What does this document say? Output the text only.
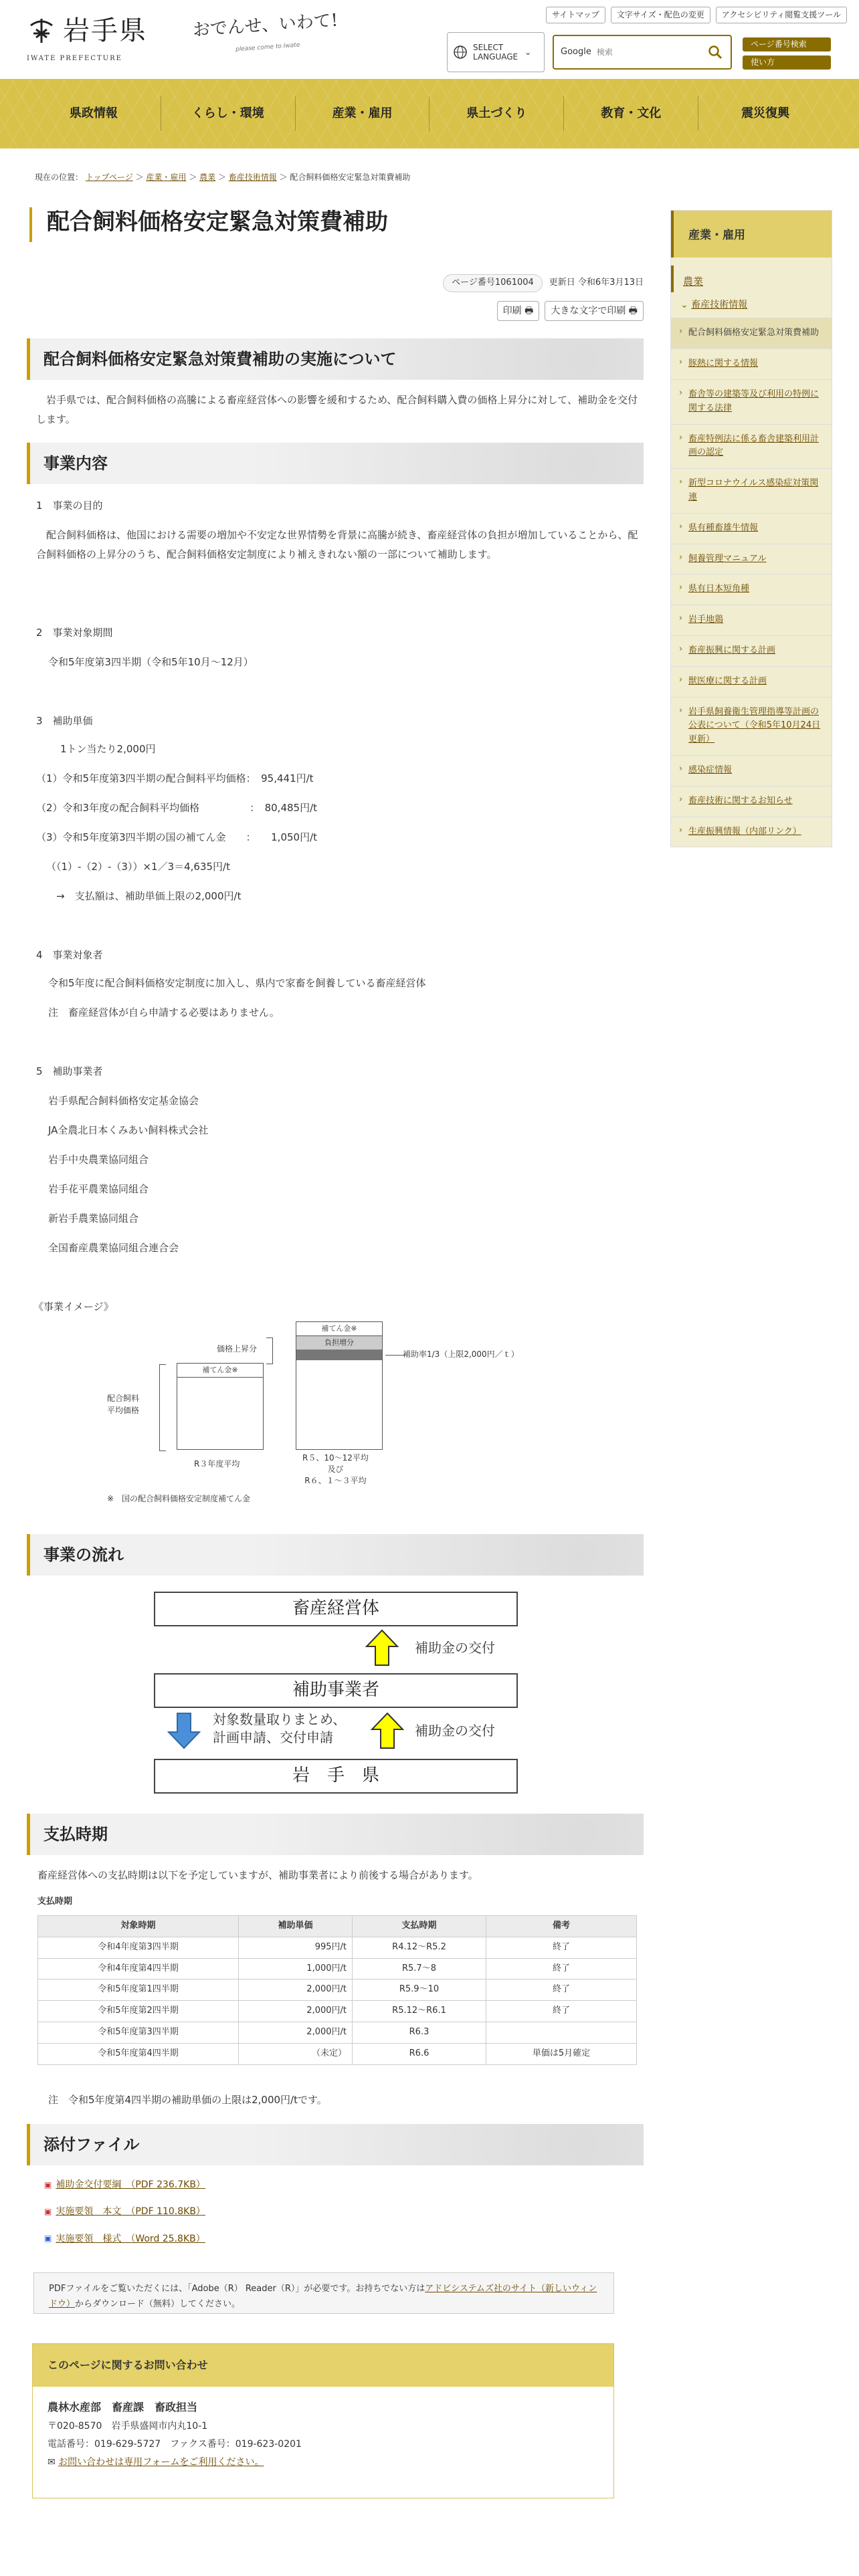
岩手県
IWATE PREFECTURE
おでんせ、いわて!
please come to Iwate
サイトマップ	文字サイズ・配色の変更	アクセシビリティ閲覧支援ツール
SELECT
LANGUAGE
⌄	Google
検索
ページ番号検索
使い方
県政情報	くらし・環境	産業・雇用	県土づくり	教育・文化	震災復興
現在の位置： トップページ ＞ 産業・雇用 ＞ 農業 ＞ 畜産技術情報 ＞ 配合飼料価格安定緊急対策費補助
配合飼料価格安定緊急対策費補助
ページ番号1061004	更新日 令和6年3月13日
印刷 🖶	大きな文字で印刷 🖶
配合飼料価格安定緊急対策費補助の実施について

岩手県では、配合飼料価格の高騰による畜産経営体への影響を緩和するため、配合飼料購入費の価格上昇分に対して、補助金を交付します。

事業内容

1　事業の目的

配合飼料価格は、他国における需要の増加や不安定な世界情勢を背景に高騰が続き、畜産経営体の負担が増加していることから、配合飼料価格の上昇分のうち、配合飼料価格安定制度により補えきれない額の一部について補助します。

2　事業対象期間

令和5年度第3四半期（令和5年10月～12月）

3　補助単価

1トン当たり2,000円

（1）令和5年度第3四半期の配合飼料平均価格：　95,441円/t

（2）令和3年度の配合飼料平均価格　　　　　：　80,485円/t

（3）令和5年度第3四半期の国の補てん金　　：　　1,050円/t

（（1）-（2）-（3））×1／3＝4,635円/t

→　支払額は、補助単価上限の2,000円/t

4　事業対象者

令和5年度に配合飼料価格安定制度に加入し、県内で家畜を飼養している畜産経営体

注　畜産経営体が自ら申請する必要はありません。

5　補助事業者

岩手県配合飼料価格安定基金協会

JA全農北日本くみあい飼料株式会社

岩手中央農業協同組合

岩手花平農業協同組合

新岩手農業協同組合

全国畜産農業協同組合連合会

《事業イメージ》

配合飼料
平均価格
補てん金※
価格上昇分
補てん金※
負担増分
補助率1/3（上限2,000円／ｔ）
R３年度平均
R５、10～12平均
及び
R６、１～３平均
※　国の配合飼料価格安定制度補てん金
事業の流れ
畜産経営体
補助金の交付
補助事業者
対象数量取りまとめ、
計画申請、交付申請	補助金の交付
岩　手　県
支払時期

畜産経営体への支払時期は以下を予定していますが、補助事業者により前後する場合があります。

支払時期

対象時期	補助単価	支払時期	備考
令和4年度第3四半期	995円/t	R4.12～R5.2	終了
令和4年度第4四半期	1,000円/t	R5.7～8	終了
令和5年度第1四半期	2,000円/t	R5.9～10	終了
令和5年度第2四半期	2,000円/t	R5.12～R6.1	終了
令和5年度第3四半期	2,000円/t	R6.3	
令和5年度第4四半期	（未定）	R6.6	単価は5月確定

注　令和5年度第4四半期の補助単価の上限は2,000円/tです。

添付ファイル
▣ 補助金交付要綱　（PDF 236.7KB）
▣ 実施要領　本文　（PDF 110.8KB）
▣ 実施要領　様式　（Word 25.8KB）
PDFファイルをご覧いただくには、「Adobe（R） Reader（R）」が必要です。お持ちでない方はアドビシステムズ社のサイト（新しいウィンドウ）からダウンロード（無料）してください。
このページに関するお問い合わせ
農林水産部　畜産課　畜政担当
〒020-8570　岩手県盛岡市内丸10-1
電話番号：019-629-5727　ファクス番号：019-623-0201
✉ お問い合わせは専用フォームをご利用ください。
産業・雇用
農業
⌄ 畜産技術情報
› 配合飼料価格安定緊急対策費補助
› 豚熱に関する情報
› 畜舎等の建築等及び利用の特例に関する法律
› 畜産特例法に係る畜舎建築利用計画の認定
› 新型コロナウイルス感染症対策関連
› 県有種畜雄牛情報
› 飼養管理マニュアル
› 県有日本短角種
› 岩手地鶏
› 畜産振興に関する計画
› 獣医療に関する計画
› 岩手県飼養衛生管理指導等計画の公表について（令和5年10月24日更新）
› 感染症情報
› 畜産技術に関するお知らせ
› 生産振興情報（内部リンク）
